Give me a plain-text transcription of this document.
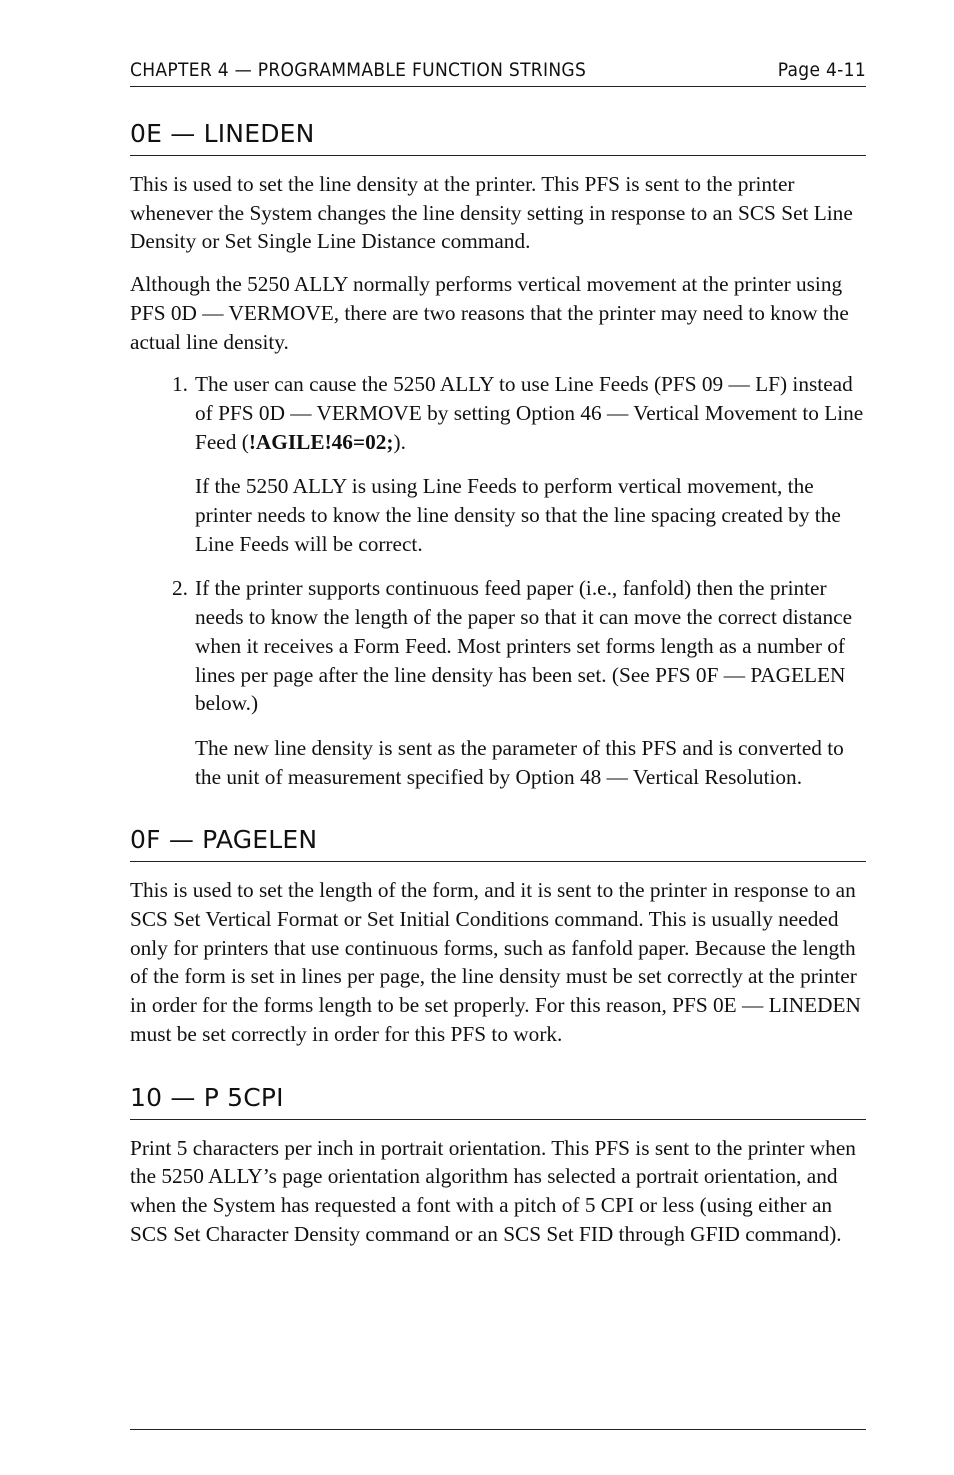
CHAPTER 4 — PROGRAMMABLE FUNCTION STRINGS	Page 4-11
0E — LINEDEN

This is used to set the line density at the printer. This PFS is sent to the printer whenever the System changes the line density setting in response to an SCS Set Line Density or Set Single Line Distance command.

Although the 5250 ALLY normally performs vertical movement at the printer using PFS 0D — VERMOVE, there are two reasons that the printer may need to know the actual line density.

1. The user can cause the 5250 ALLY to use Line Feeds (PFS 09 — LF) instead of PFS 0D — VERMOVE by setting Option 46 — Vertical Movement to Line Feed (!AGILE!46=02;).

If the 5250 ALLY is using Line Feeds to perform vertical movement, the printer needs to know the line density so that the line spacing created by the Line Feeds will be correct.

2. If the printer supports continuous feed paper (i.e., fanfold) then the printer needs to know the length of the paper so that it can move the correct distance when it receives a Form Feed. Most printers set forms length as a number of lines per page after the line density has been set. (See PFS 0F — PAGELEN below.)

The new line density is sent as the parameter of this PFS and is converted to the unit of measurement specified by Option 48 — Vertical Resolution.

0F — PAGELEN

This is used to set the length of the form, and it is sent to the printer in response to an SCS Set Vertical Format or Set Initial Conditions command. This is usually needed only for printers that use continuous forms, such as fanfold paper. Because the length of the form is set in lines per page, the line density must be set correctly at the printer in order for the forms length to be set properly. For this reason, PFS 0E — LINEDEN must be set correctly in order for this PFS to work.

10 — P 5CPI

Print 5 characters per inch in portrait orientation. This PFS is sent to the printer when the 5250 ALLY’s page orientation algorithm has selected a portrait orientation, and when the System has requested a font with a pitch of 5 CPI or less (using either an SCS Set Character Density command or an SCS Set FID through GFID command).
